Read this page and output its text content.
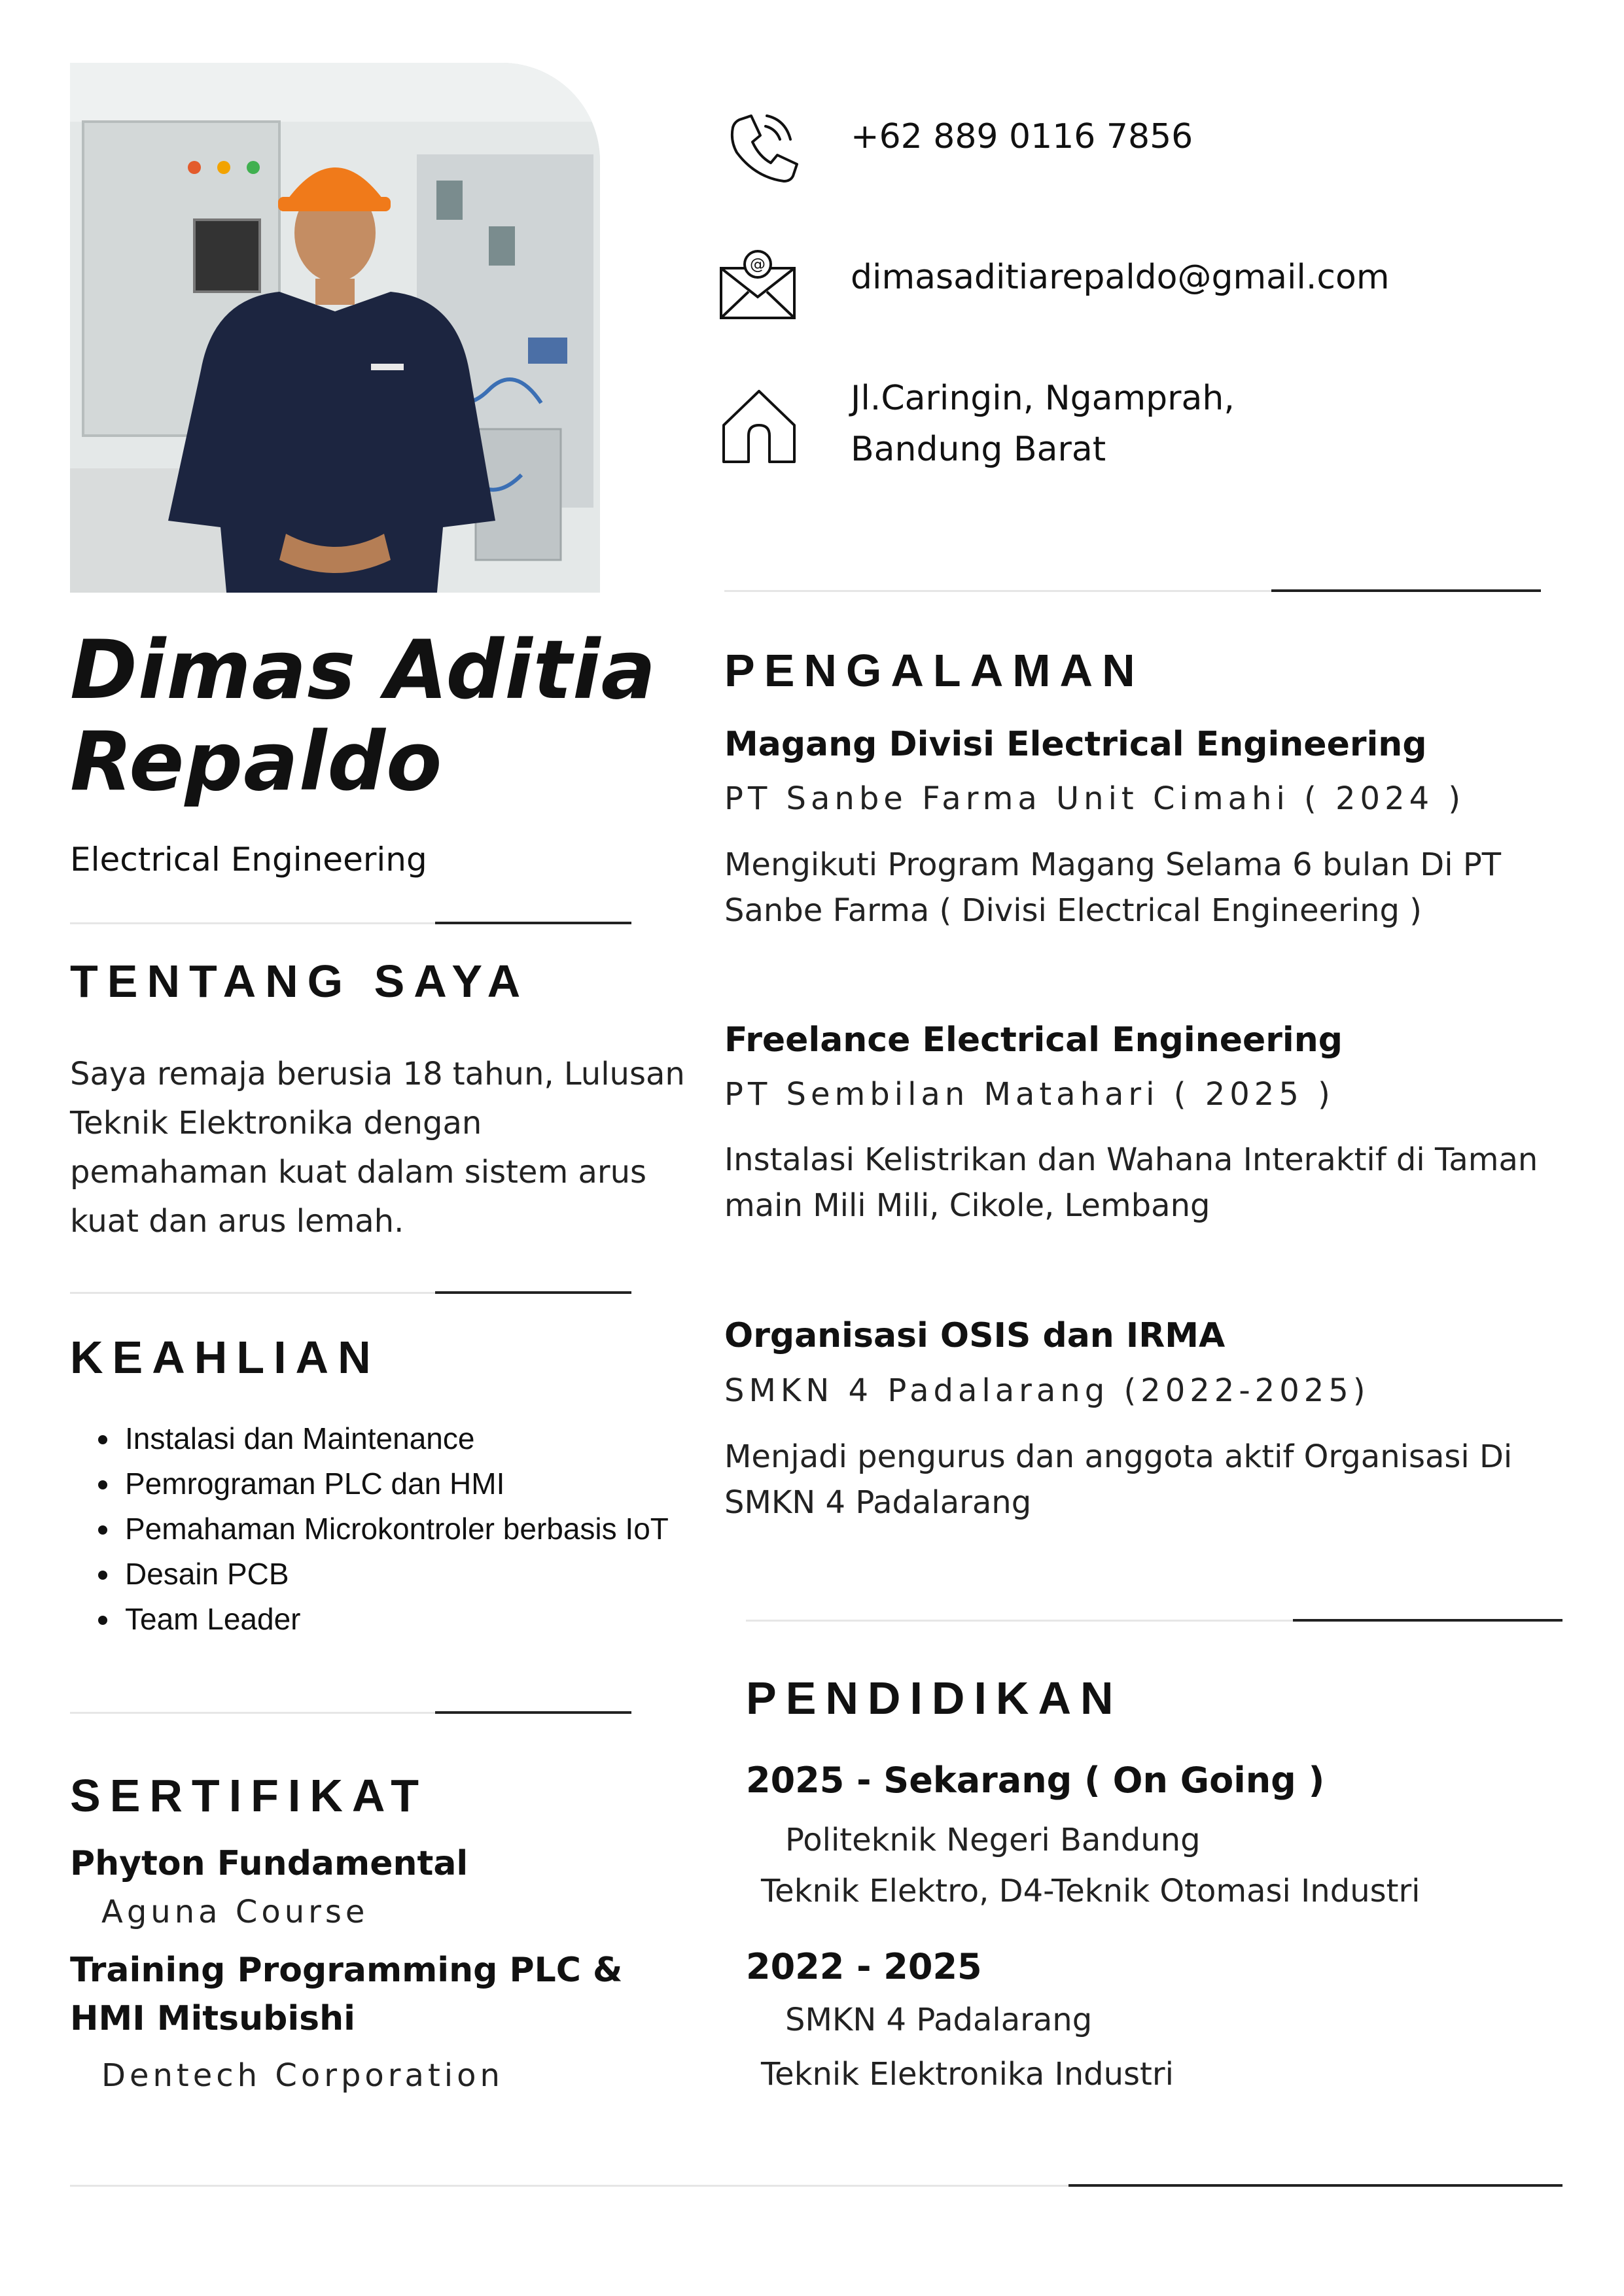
+62 889 0116 7856
@	dimasaditiarepaldo@gmail.com
Jl.Caringin, Ngamprah,
Bandung Barat
Dimas Aditia
Repaldo
Electrical Engineering
TENTANG SAYA
Saya remaja berusia 18 tahun, Lulusan Teknik Elektronika dengan pemahaman kuat dalam sistem arus kuat dan arus lemah.
KEAHLIAN
• Instalasi dan Maintenance
• Pemrograman PLC dan HMI
• Pemahaman Microkontroler berbasis IoT
• Desain PCB
• Team Leader
SERTIFIKAT
Phyton Fundamental
Aguna Course
Training Programming PLC & HMI Mitsubishi
Dentech Corporation
PENGALAMAN
Magang Divisi Electrical Engineering
PT Sanbe Farma Unit Cimahi ( 2024 )
Mengikuti Program Magang Selama 6 bulan Di PT Sanbe Farma ( Divisi Electrical Engineering )
Freelance Electrical Engineering
PT Sembilan Matahari ( 2025 )
Instalasi Kelistrikan dan Wahana Interaktif di Taman main Mili Mili, Cikole, Lembang
Organisasi OSIS dan IRMA
SMKN 4 Padalarang (2022-2025)
Menjadi pengurus dan anggota aktif Organisasi Di SMKN 4 Padalarang
PENDIDIKAN
2025 - Sekarang ( On Going )
Politeknik Negeri Bandung
Teknik Elektro, D4-Teknik Otomasi Industri
2022 - 2025
SMKN 4 Padalarang
Teknik Elektronika Industri
